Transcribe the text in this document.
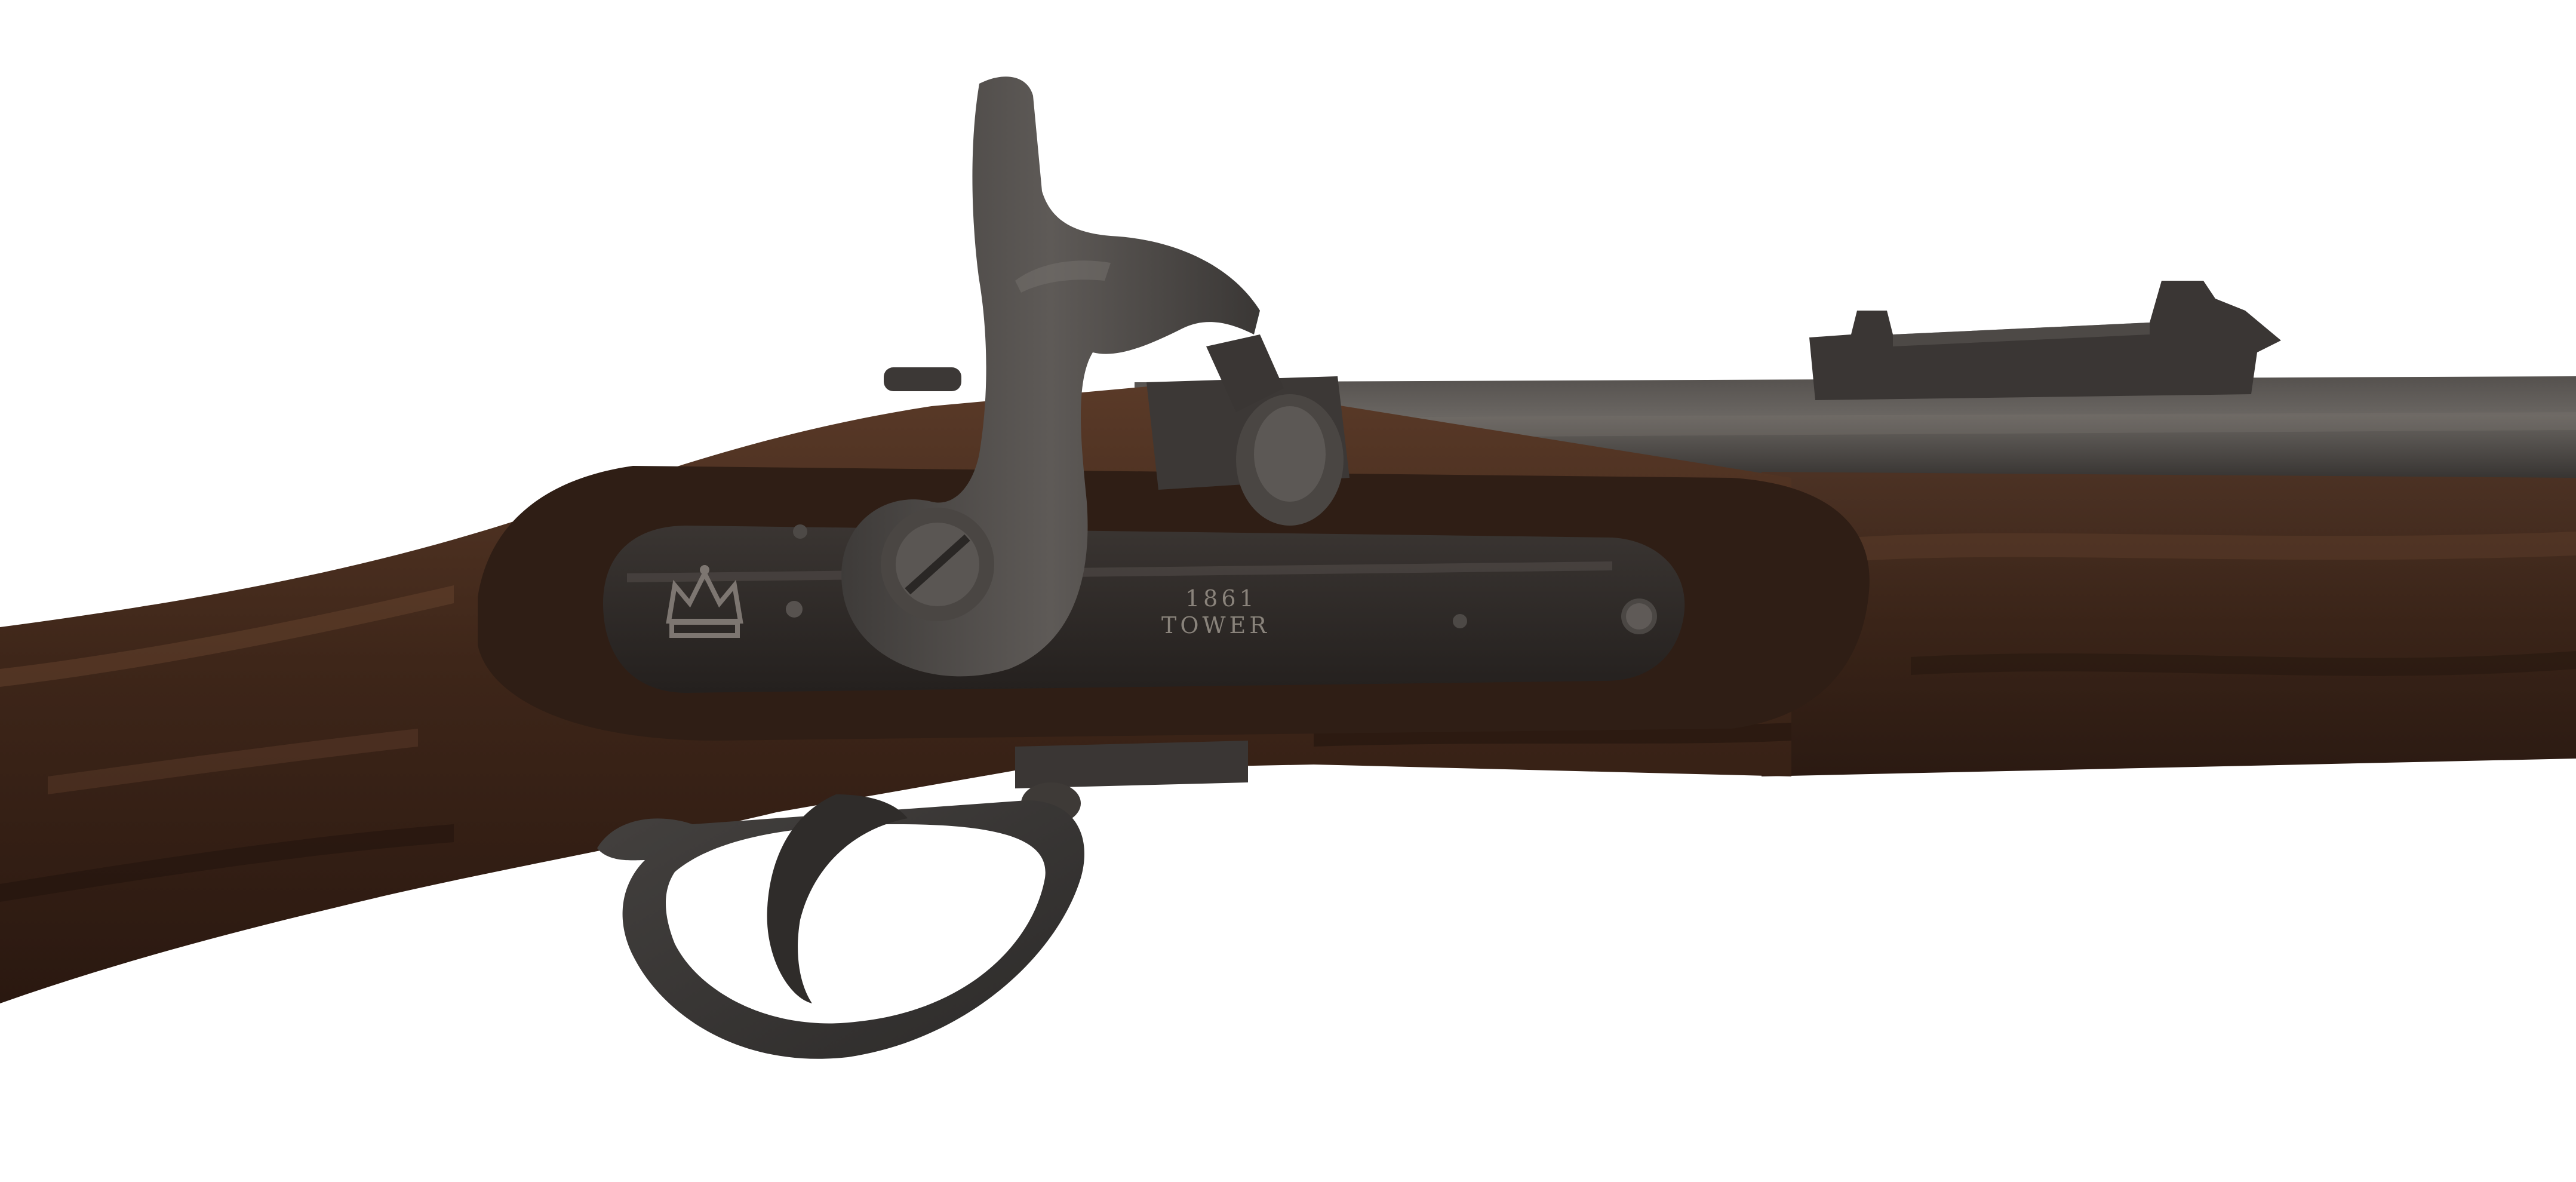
1861
TOWER
